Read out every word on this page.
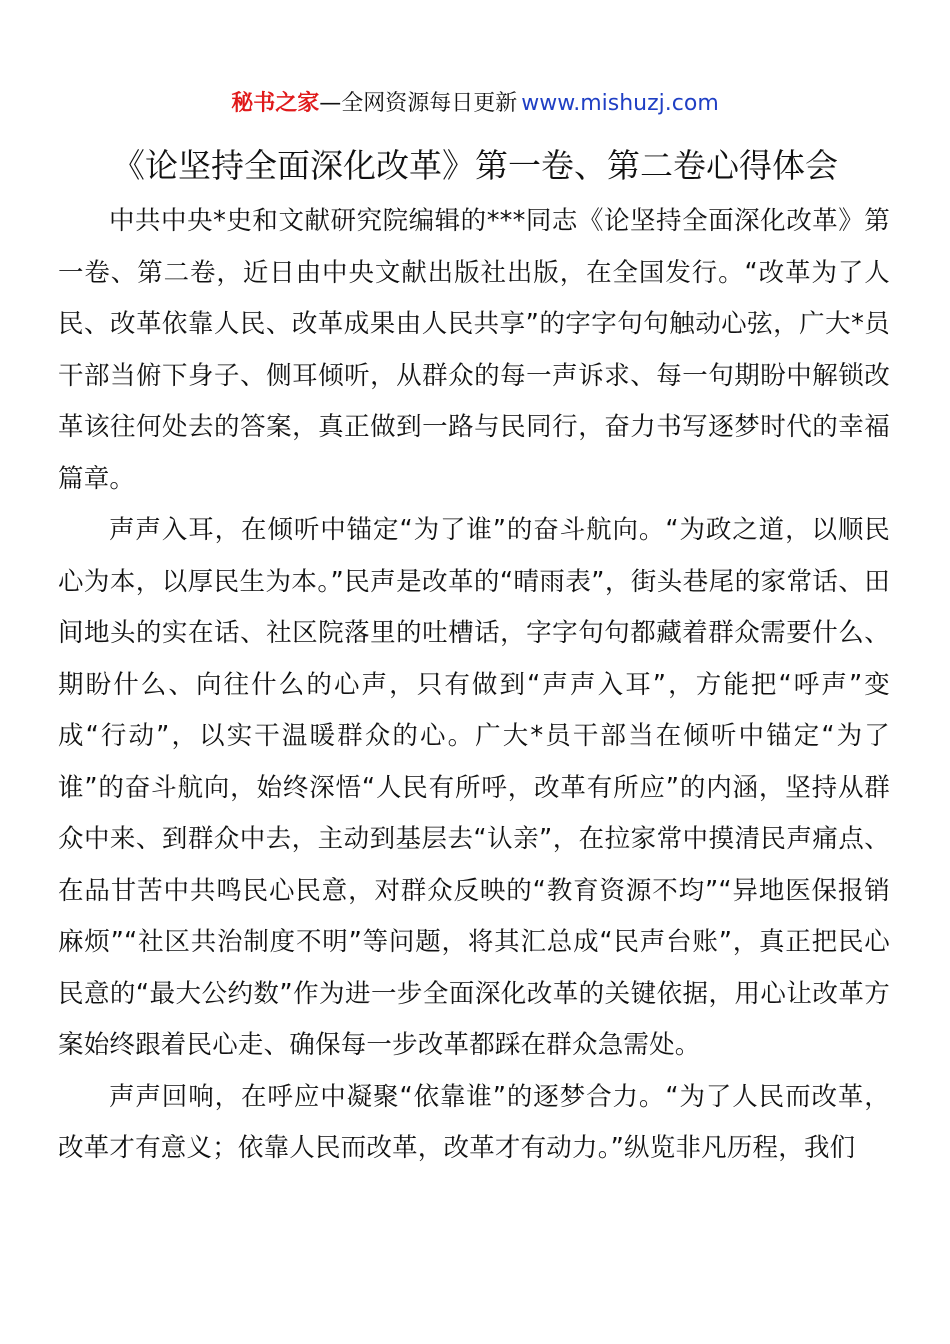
秘书之家—全网资源每日更新 www.mishuzj.com
《论坚持全面深化改革》第一卷、第二卷心得体会

中共中央*史和文献研究院编辑的***同志《论坚持全面深化改革》第一卷、第二卷，近日由中央文献出版社出版，在全国发行。“改革为了人民、改革依靠人民、改革成果由人民共享”的字字句句触动心弦，广大*员干部当俯下身子、侧耳倾听，从群众的每一声诉求、每一句期盼中解锁改革该往何处去的答案，真正做到一路与民同行，奋力书写逐梦时代的幸福篇章。

声声入耳，在倾听中锚定“为了谁”的奋斗航向。“为政之道，以顺民心为本，以厚民生为本。”民声是改革的“晴雨表”，街头巷尾的家常话、田间地头的实在话、社区院落里的吐槽话，字字句句都藏着群众需要什么、期盼什么、向往什么的心声，只有做到“声声入耳”，方能把“呼声”变成“行动”，以实干温暖群众的心。广大*员干部当在倾听中锚定“为了谁”的奋斗航向，始终深悟“人民有所呼，改革有所应”的内涵，坚持从群众中来、到群众中去，主动到基层去“认亲”，在拉家常中摸清民声痛点、在品甘苦中共鸣民心民意，对群众反映的“教育资源不均”“异地医保报销麻烦”“社区共治制度不明”等问题，将其汇总成“民声台账”，真正把民心民意的“最大公约数”作为进一步全面深化改革的关键依据，用心让改革方案始终跟着民心走、确保每一步改革都踩在群众急需处。

声声回响，在呼应中凝聚“依靠谁”的逐梦合力。“为了人民而改革，改革才有意义；依靠人民而改革，改革才有动力。”纵览非凡历程，我们
